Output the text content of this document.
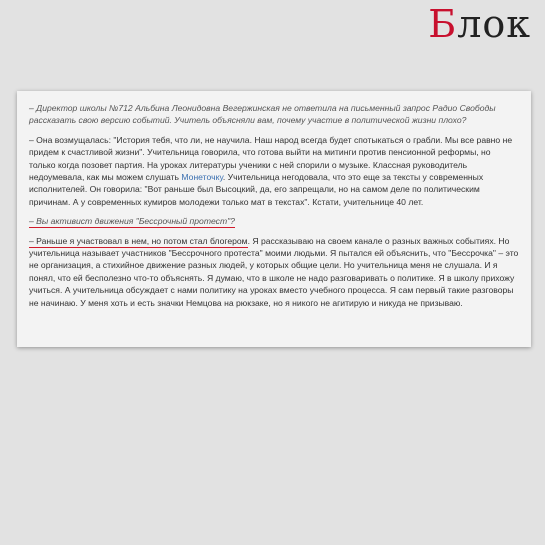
Блок

– Директор школы №712 Альбина Леонидовна Вегержинская не ответила на письменный запрос Радио Свободы рассказать свою версию событий. Учитель объясняли вам, почему участие в политической жизни плохо?

– Она возмущалась: "История тебя, что ли, не научила. Наш народ всегда будет спотыкаться о грабли. Мы все равно не придем к счастливой жизни". Учительница говорила, что готова выйти на митинги против пенсионной реформы, но только когда позовет партия. На уроках литературы ученики с ней спорили о музыке. Классная руководитель недоумевала, как мы можем слушать Монеточку. Учительница негодовала, что это еще за тексты у современных исполнителей. Он говорила: "Вот раньше был Высоцкий, да, его запрещали, но на самом деле по политическим причинам. А у современных кумиров молодежи только мат в текстах". Кстати, учительнице 40 лет.

– Вы активист движения "Бессрочный протест"?

– Раньше я участвовал в нем, но потом стал блогером. Я рассказываю на своем канале о разных важных событиях. Но учительница называет участников "Бессрочного протеста" моими людьми. Я пытался ей объяснить, что "Бессрочка" – это не организация, а стихийное движение разных людей, у которых общие цели. Но учительница меня не слушала. И я понял, что ей бесполезно что-то объяснять. Я думаю, что в школе не надо разговаривать о политике. Я в школу прихожу учиться. А учительница обсуждает с нами политику на уроках вместо учебного процесса. Я сам первый такие разговоры не начинаю. У меня хоть и есть значки Немцова на рюкзаке, но я никого не агитирую и никуда не призываю.
